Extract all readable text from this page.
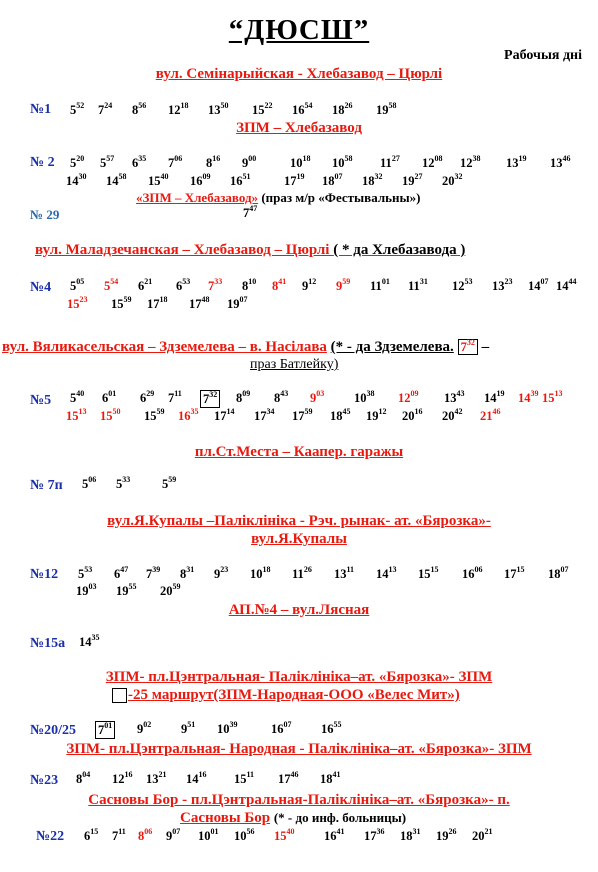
“ДЮСШ”
Рабочыя дні
вул. Семінарыйская - Хлебазавод – Цюрлі
№1 $5^{52}$ $7^{24}$ $8^{56}$ $12^{18}$ $13^{50}$ $15^{22}$ $16^{54}$ $18^{26}$ $19^{58}$
ЗПМ – Хлебазавод
№ 2 $5^{20}$ $5^{57}$ $6^{35}$ $7^{06}$ $8^{16}$ $9^{00}$	$10^{18}$ $10^{58}$ $11^{27}$ $12^{08}$ $12^{38}$ $13^{19}$ $13^{46}$
$14^{30}$ $14^{58}$ $15^{40}$ $16^{09}$ $16^{51}$	$17^{19}$ $18^{07}$ $18^{32}$ $19^{27}$ $20^{32}$
«ЗПМ – Хлебазавод» (праз м/р «Фестывальны»)
№ 29	$7^{47}$
вул. Маладзечанская – Хлебазавод – Цюрлі ( * да Хлебазавода )
№4 $5^{05}$ $5^{54}$ $6^{21}$ $6^{53}$ $7^{33}$ $8^{10}$ $8^{41}$ $9^{12}$ $9^{59}$ $11^{01}$ $11^{31}$ $12^{53}$ $13^{23}$ $14^{07}$ $14^{44}$
$15^{23}$ $15^{59}$ $17^{18}$ $17^{48}$ $19^{07}$
вул. Вяликасельская – Здземелева – в. Насілава (* - да Здземелева. $7^{32}$ –
праз Батлейку)
№5 $5^{40}$ $6^{01}$ $6^{29}$ $7^{11}$ $7^{32}$ $8^{09}$ $8^{43}$ $9^{03}$ $10^{38}$ $12^{09}$ $13^{43}$ $14^{19}$ $14^{39}$ $15^{13}$
$15^{13}$ $15^{50}$ $15^{59}$ $16^{35}$ $17^{14}$ $17^{34}$ $17^{59}$ $18^{45}$ $19^{12}$ $20^{16}$ $20^{42}$ $21^{46}$
пл.Ст.Места – Каапер. гаражы
№ 7п $5^{06}$ $5^{33}$	$5^{59}$
вул.Я.Купалы –Паліклініка - Рэч. рынак- ат. «Бярозка»-
вул.Я.Купалы
№12 $5^{53}$ $6^{47}$ $7^{39}$ $8^{31}$ $9^{23}$ $10^{18}$ $11^{26}$ $13^{11}$ $14^{13}$ $15^{15}$ $16^{06}$ $17^{15}$ $18^{07}$
$19^{03}$ $19^{55}$ $20^{59}$
АП.№4 – вул.Лясная
№15а $14^{35}$
ЗПМ- пл.Цэнтральная- Паліклініка–ат. «Бярозка»- ЗПМ
-25 маршрут(ЗПМ-Народная-ООО «Велес Мит»)
№20/25 $7^{01}$ $9^{02}$ $9^{51}$ $10^{39}$	$16^{07}$ $16^{55}$
ЗПМ- пл.Цэнтральная- Народная - Паліклініка–ат. «Бярозка»- ЗПМ
№23 $8^{04}$ $12^{16}$ $13^{21}$ $14^{16}$ $15^{11}$ $17^{46}$ $18^{41}$
Сасновы Бор - пл.Цэнтральная-Паліклініка–ат. «Бярозка»- п.
Сасновы Бор (* - до инф. больницы)
№22 $6^{15}$ $7^{11}$ $8^{06}$ $9^{07}$ $10^{01}$ $10^{56}$ $15^{40}$ $16^{41}$ $17^{36}$ $18^{31}$ $19^{26}$ $20^{21}$
